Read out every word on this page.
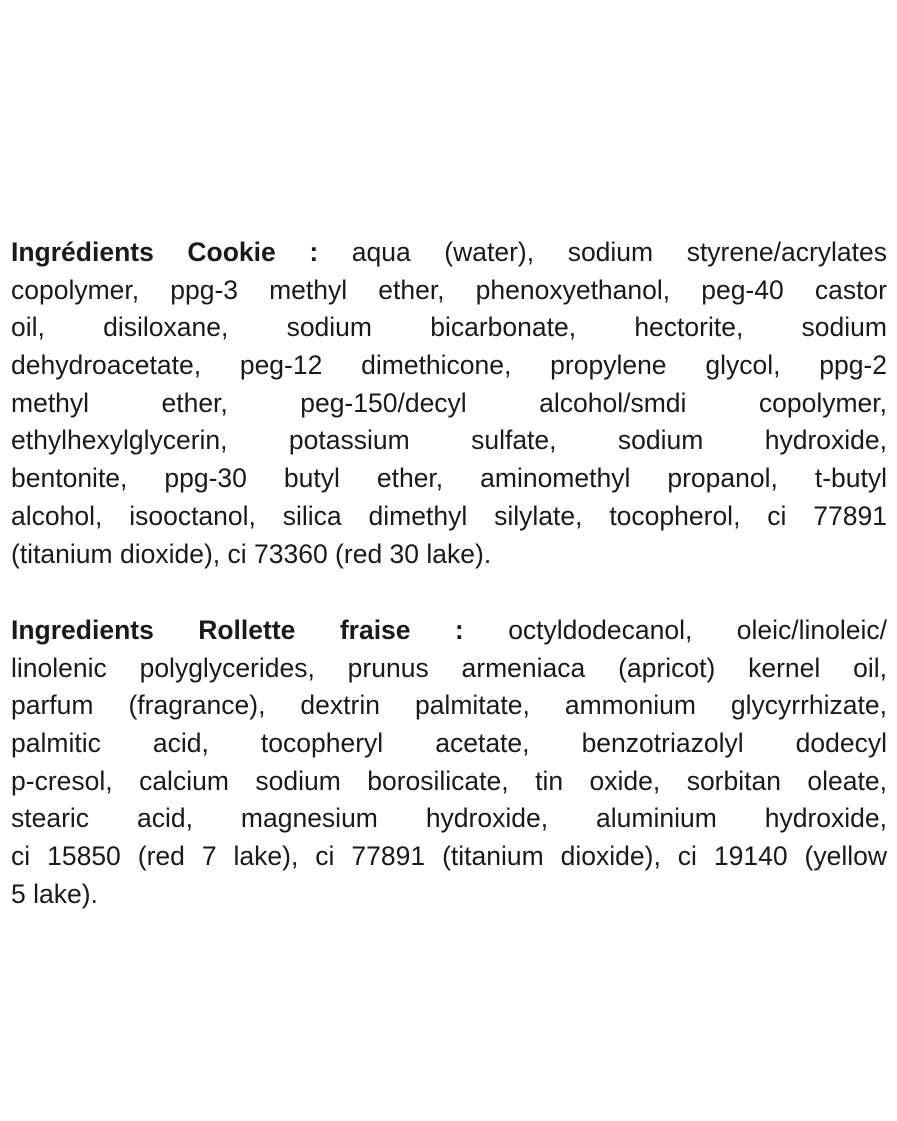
Ingrédients Cookie : aqua (water), sodium styrene/acrylates
copolymer, ppg-3 methyl ether, phenoxyethanol, peg-40 castor
oil, disiloxane, sodium bicarbonate, hectorite, sodium
dehydroacetate, peg-12 dimethicone, propylene glycol, ppg-2
methyl ether, peg-150/decyl alcohol/smdi copolymer,
ethylhexylglycerin, potassium sulfate, sodium hydroxide,
bentonite, ppg-30 butyl ether, aminomethyl propanol, t-butyl
alcohol, isooctanol, silica dimethyl silylate, tocopherol, ci 77891
(titanium dioxide), ci 73360 (red 30 lake).
Ingredients Rollette fraise : octyldodecanol, oleic/linoleic/
linolenic polyglycerides, prunus armeniaca (apricot) kernel oil,
parfum (fragrance), dextrin palmitate, ammonium glycyrrhizate,
palmitic acid, tocopheryl acetate, benzotriazolyl dodecyl
p-cresol, calcium sodium borosilicate, tin oxide, sorbitan oleate,
stearic acid, magnesium hydroxide, aluminium hydroxide,
ci 15850 (red 7 lake), ci 77891 (titanium dioxide), ci 19140 (yellow
5 lake).
